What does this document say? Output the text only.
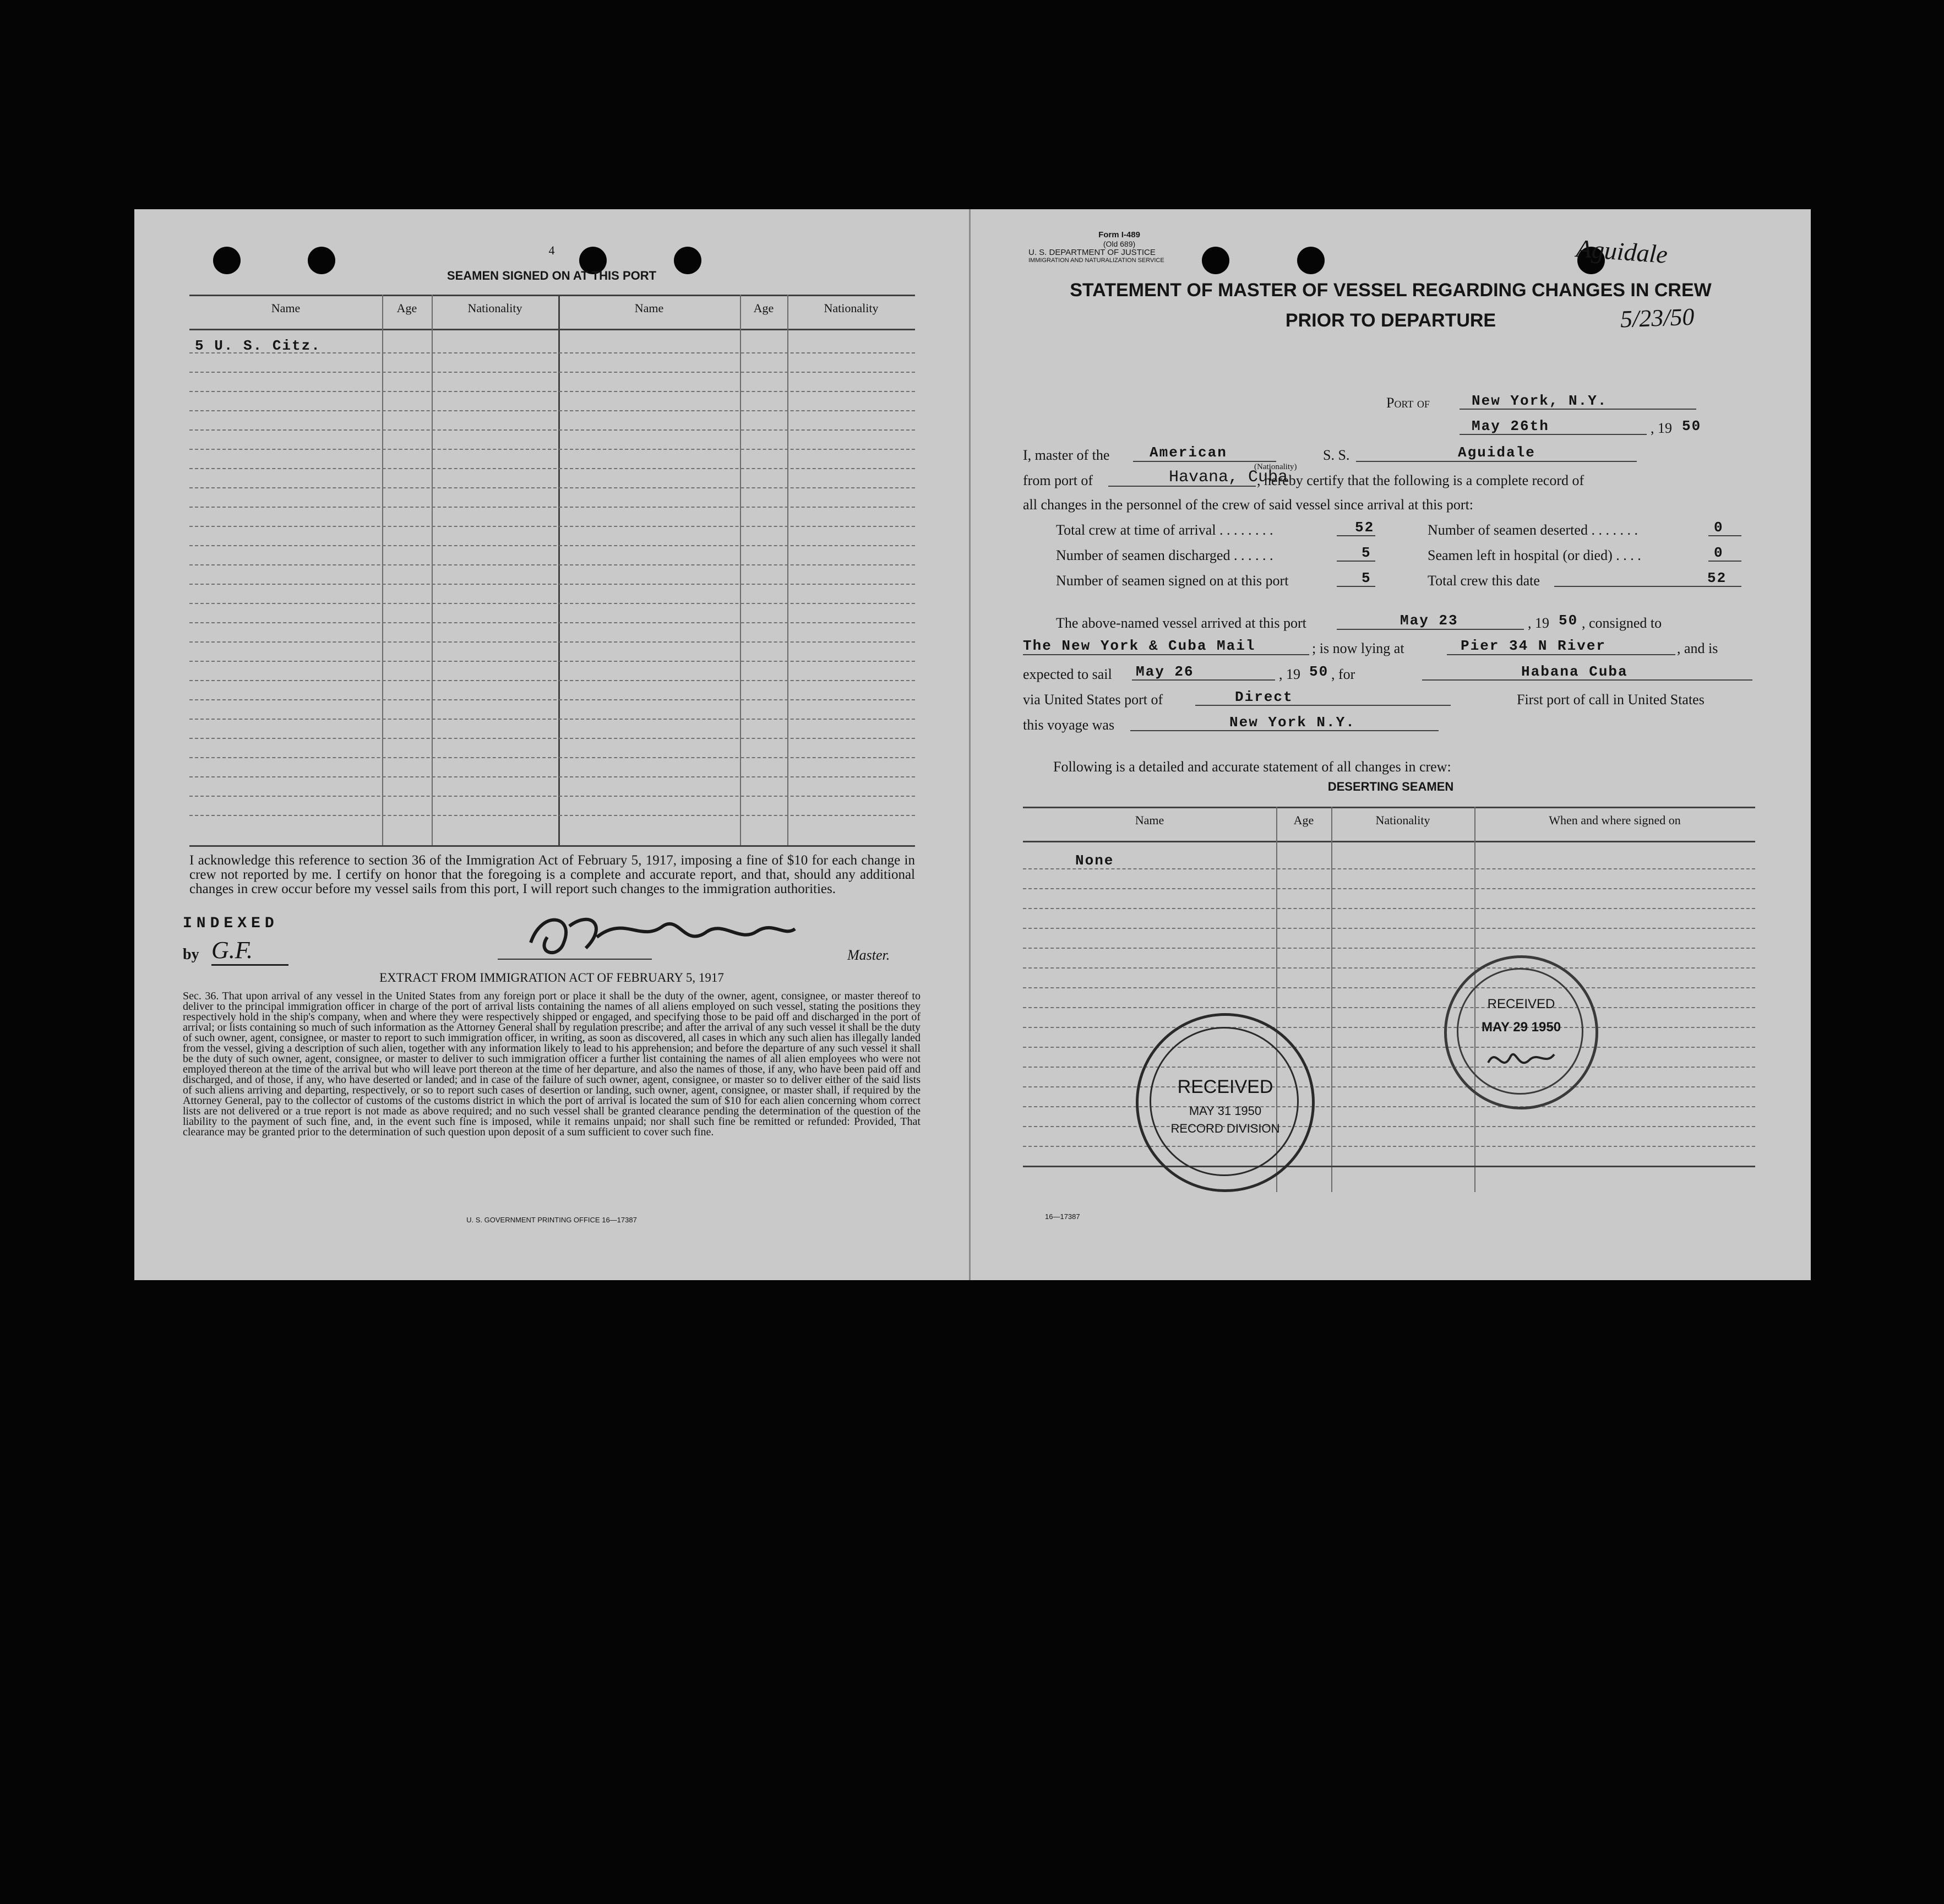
4
SEAMEN SIGNED ON AT THIS PORT
Name	Age	Nationality	Name	Age	Nationality
5 U. S. Citz.
I acknowledge this reference to section 36 of the Immigration Act of February 5, 1917, imposing a fine of $10 for each change in crew not reported by me. I certify on honor that the foregoing is a complete and accurate report, and that, should any additional changes in crew occur before my vessel sails from this port, I will report such changes to the immigration authorities.
INDEXED
by G.F.	Master.
EXTRACT FROM IMMIGRATION ACT OF FEBRUARY 5, 1917
Sec. 36. That upon arrival of any vessel in the United States from any foreign port or place it shall be the duty of the owner, agent, consignee, or master thereof to deliver to the principal immigration officer in charge of the port of arrival lists containing the names of all aliens employed on such vessel, stating the positions they respectively hold in the ship's company, when and where they were respectively shipped or engaged, and specifying those to be paid off and discharged in the port of arrival; or lists containing so much of such information as the Attorney General shall by regulation prescribe; and after the arrival of any such vessel it shall be the duty of such owner, agent, consignee, or master to report to such immigration officer, in writing, as soon as discovered, all cases in which any such alien has illegally landed from the vessel, giving a description of such alien, together with any information likely to lead to his apprehension; and before the departure of any such vessel it shall be the duty of such owner, agent, consignee, or master to deliver to such immigration officer a further list containing the names of all alien employees who were not employed thereon at the time of the arrival but who will leave port thereon at the time of her departure, and also the names of those, if any, who have been paid off and discharged, and of those, if any, who have deserted or landed; and in case of the failure of such owner, agent, consignee, or master so to deliver either of the said lists of such aliens arriving and departing, respectively, or so to report such cases of desertion or landing, such owner, agent, consignee, or master shall, if required by the Attorney General, pay to the collector of customs of the customs district in which the port of arrival is located the sum of $10 for each alien concerning whom correct lists are not delivered or a true report is not made as above required; and no such vessel shall be granted clearance pending the determination of the question of the liability to the payment of such fine, and, in the event such fine is imposed, while it remains unpaid; nor shall such fine be remitted or refunded: Provided, That clearance may be granted prior to the determination of such question upon deposit of a sum sufficient to cover such fine.
U. S. GOVERNMENT PRINTING OFFICE 16—17387
Form I-489
(Old 689)
U. S. DEPARTMENT OF JUSTICE
IMMIGRATION AND NATURALIZATION SERVICE	Aguidale
5/23/50
STATEMENT OF MASTER OF VESSEL REGARDING CHANGES IN CREW
PRIOR TO DEPARTURE
Port of	New York, N.Y.
May 26th	, 19 50
I, master of the	American	S. S.	Aguidale
(Nationality)
from port of	Havana, Cuba
, hereby certify that the following is a complete record of
all changes in the personnel of the crew of said vessel since arrival at this port:
Total crew at time of arrival . . . . . . . .	52	Number of seamen deserted . . . . . . .	0
Number of seamen discharged . . . . . .	5	Seamen left in hospital (or died) . . . .	0
Number of seamen signed on at this port	5	Total crew this date	52
The above-named vessel arrived at this port	May 23	, 19 50 , consigned to
The New York & Cuba Mail	; is now lying at	Pier 34 N River	, and is
expected to sail May 26	, 19 50 , for	Habana Cuba
via United States port of	Direct	First port of call in United States
this voyage was	New York N.Y.
Following is a detailed and accurate statement of all changes in crew:
DESERTING SEAMEN
Name	Age	Nationality	When and where signed on
None
RECEIVED
MAY 31 1950
RECORD DIVISION
RECEIVED
MAY 29 1950
16—17387
